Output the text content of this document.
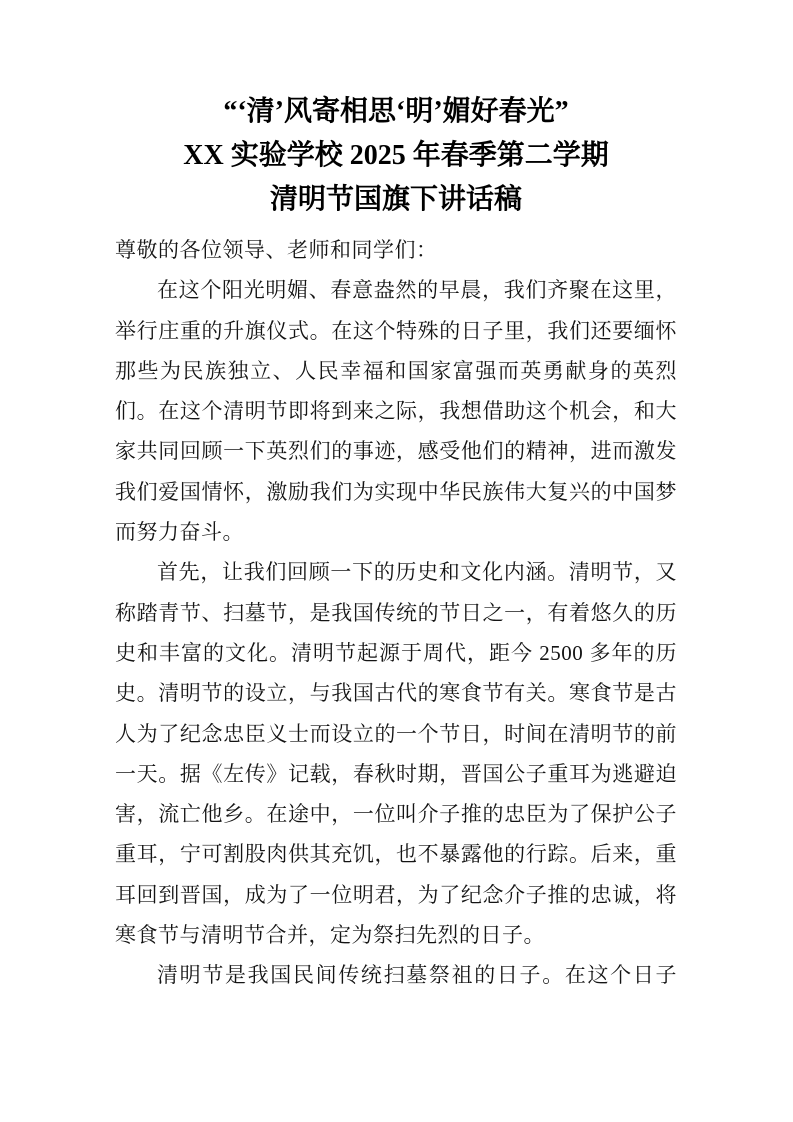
“‘清’风寄相思‘明’媚好春光”
XX 实验学校 2025 年春季第二学期
清明节国旗下讲话稿
尊敬的各位领导、老师和同学们：
在这个阳光明媚、春意盎然的早晨，我们齐聚在这里，
举行庄重的升旗仪式。在这个特殊的日子里，我们还要缅怀
那些为民族独立、人民幸福和国家富强而英勇献身的英烈
们。在这个清明节即将到来之际，我想借助这个机会，和大
家共同回顾一下英烈们的事迹，感受他们的精神，进而激发
我们爱国情怀，激励我们为实现中华民族伟大复兴的中国梦
而努力奋斗。
首先，让我们回顾一下的历史和文化内涵。清明节，又
称踏青节、扫墓节，是我国传统的节日之一，有着悠久的历
史和丰富的文化。清明节起源于周代，距今 2500 多年的历
史。清明节的设立，与我国古代的寒食节有关。寒食节是古
人为了纪念忠臣义士而设立的一个节日，时间在清明节的前
一天。据《左传》记载，春秋时期，晋国公子重耳为逃避迫
害，流亡他乡。在途中，一位叫介子推的忠臣为了保护公子
重耳，宁可割股肉供其充饥，也不暴露他的行踪。后来，重
耳回到晋国，成为了一位明君，为了纪念介子推的忠诚，将
寒食节与清明节合并，定为祭扫先烈的日子。
清明节是我国民间传统扫墓祭祖的日子。在这个日子
